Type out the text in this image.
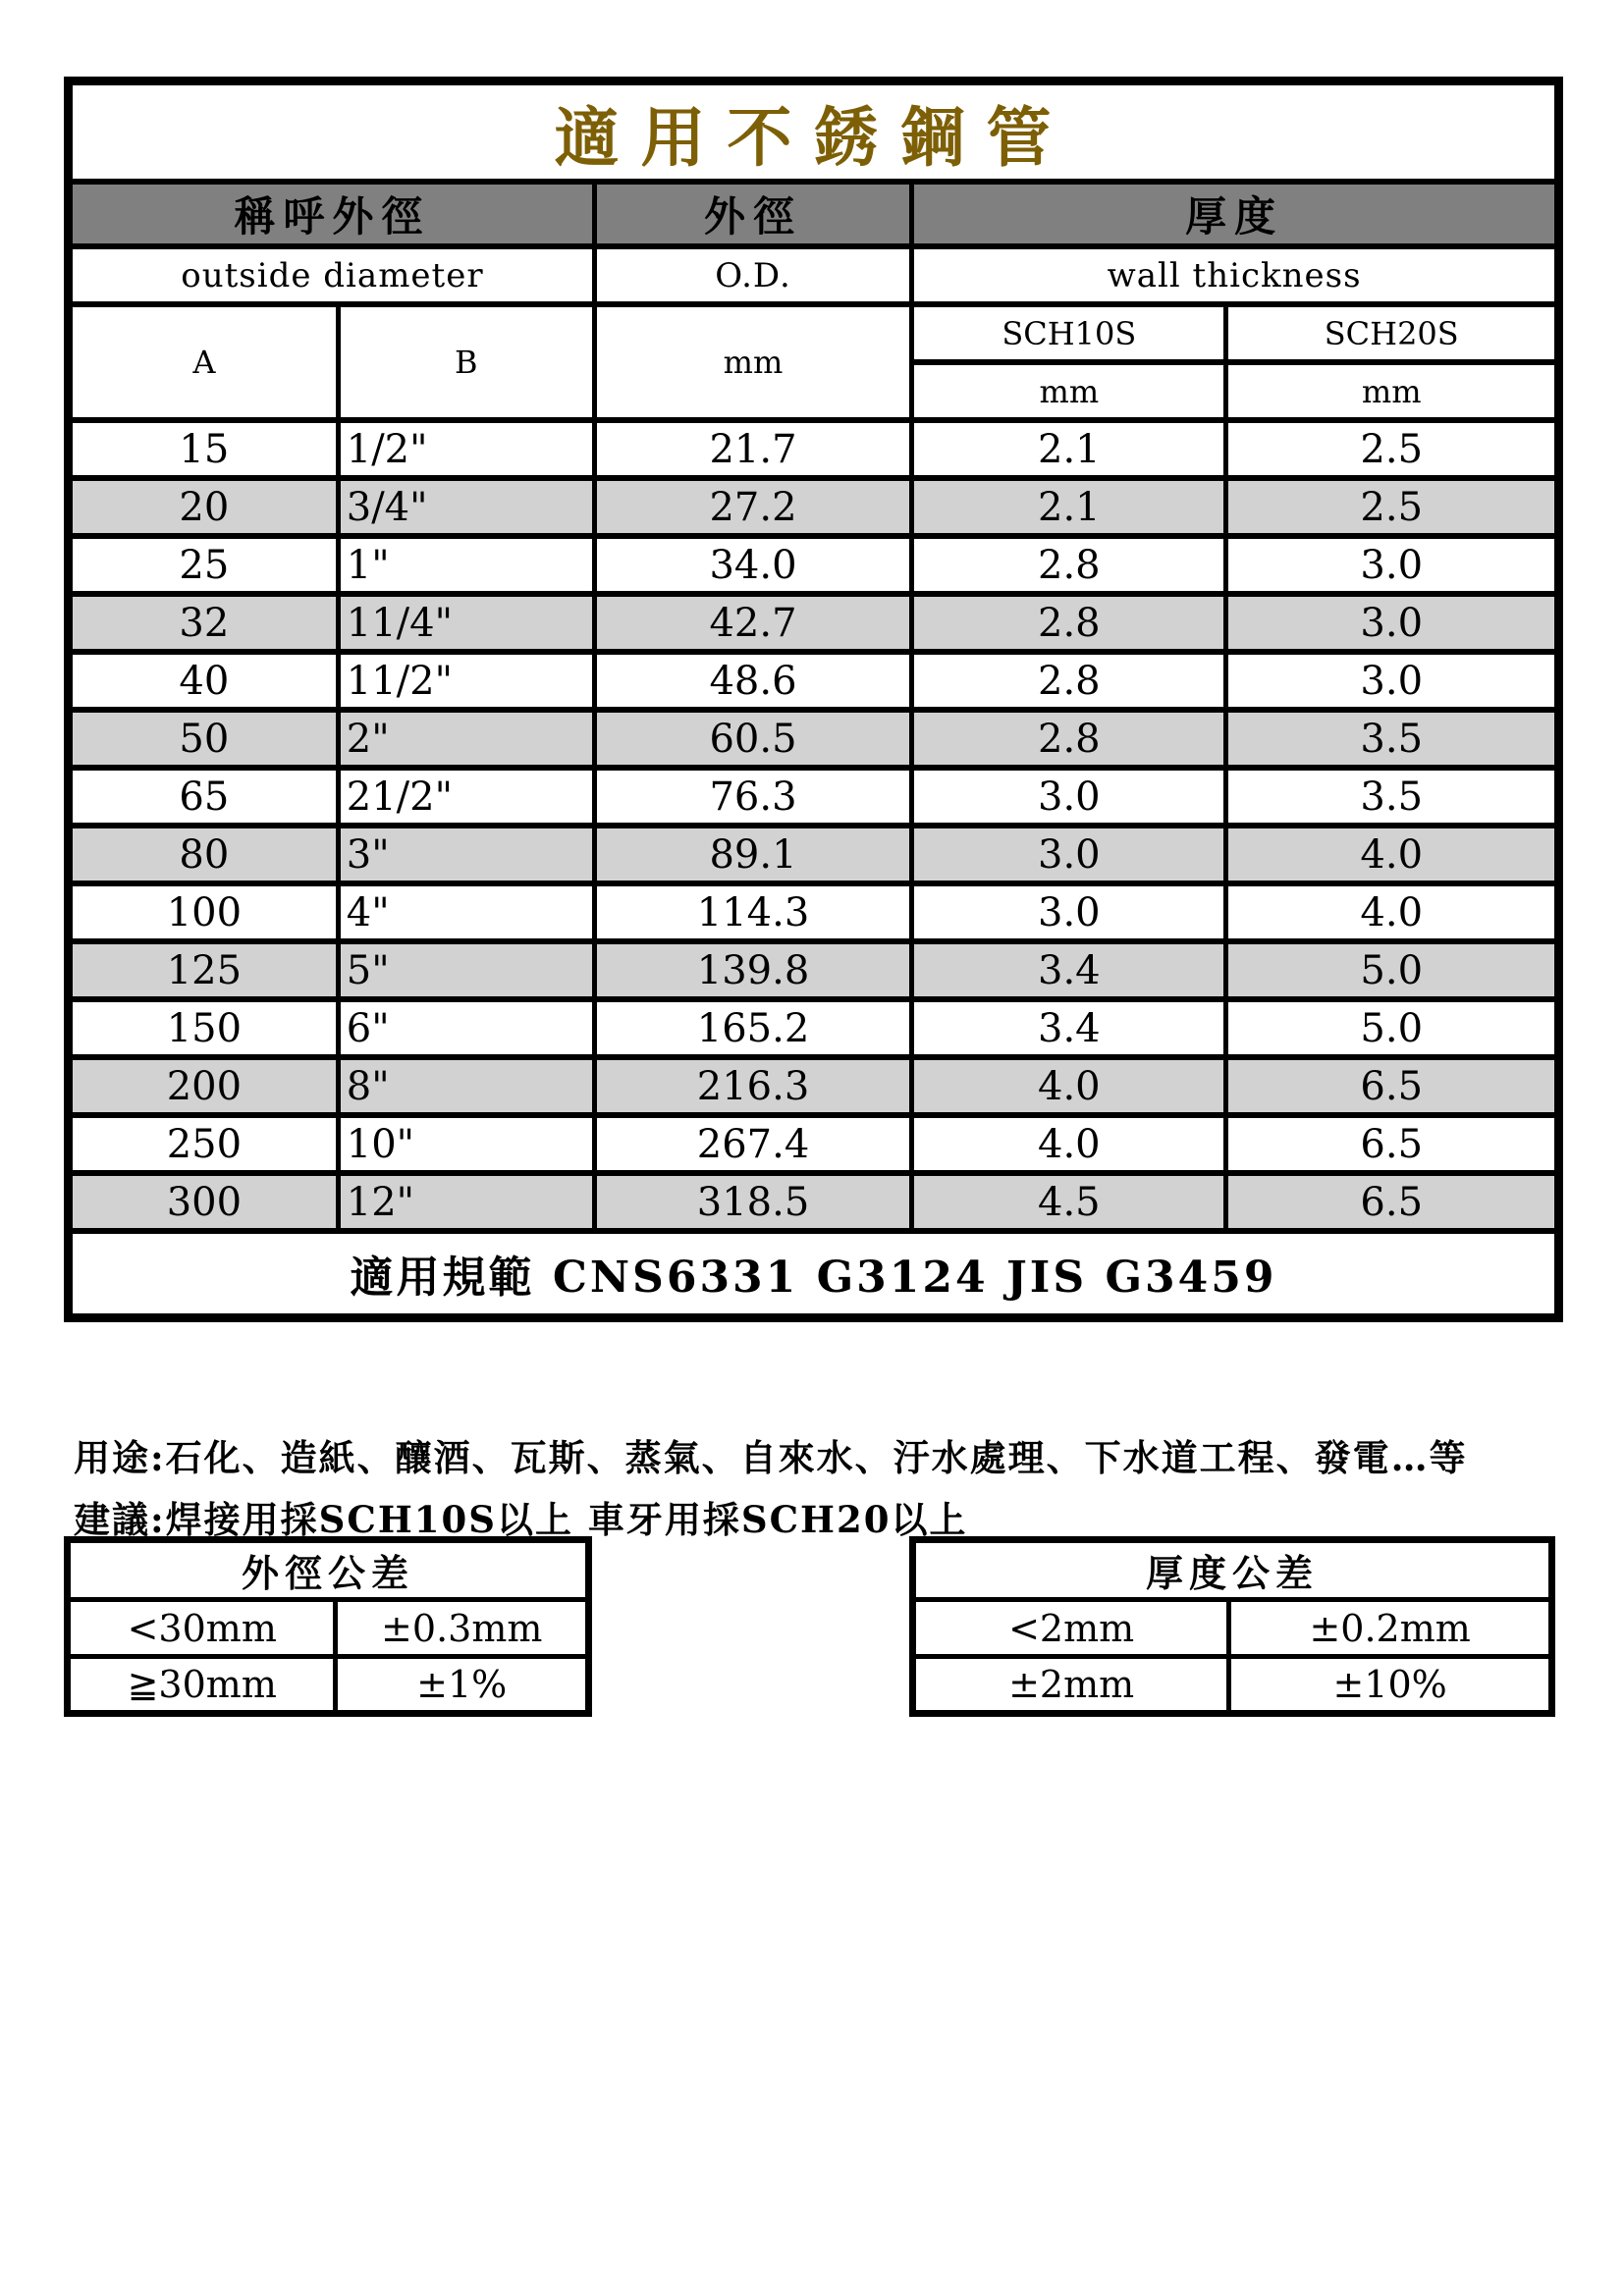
適用不銹鋼管				
稱呼外徑		外徑	厚度	
outside diameter		O.D.	wall thickness	
A	B	mm	SCH10S	SCH20S
			mm	mm
15	1/2"	21.7	2.1	2.5
20	3/4"	27.2	2.1	2.5
25	1"	34.0	2.8	3.0
32	11/4"	42.7	2.8	3.0
40	11/2"	48.6	2.8	3.0
50	2"	60.5	2.8	3.5
65	21/2"	76.3	3.0	3.5
80	3"	89.1	3.0	4.0
100	4"	114.3	3.0	4.0
125	5"	139.8	3.4	5.0
150	6"	165.2	3.4	5.0
200	8"	216.3	4.0	6.5
250	10"	267.4	4.0	6.5
300	12"	318.5	4.5	6.5
適用規範 CNS6331 G3124 JIS G3459				
用途:石化、造紙、釀酒、瓦斯、蒸氣、自來水、汙水處理、下水道工程、發電…等
建議:焊接用採SCH10S以上 車牙用採SCH20以上
外徑公差	
<30mm	±0.3mm
≧30mm	±1%
厚度公差	
<2mm	±0.2mm
±2mm	±10%
